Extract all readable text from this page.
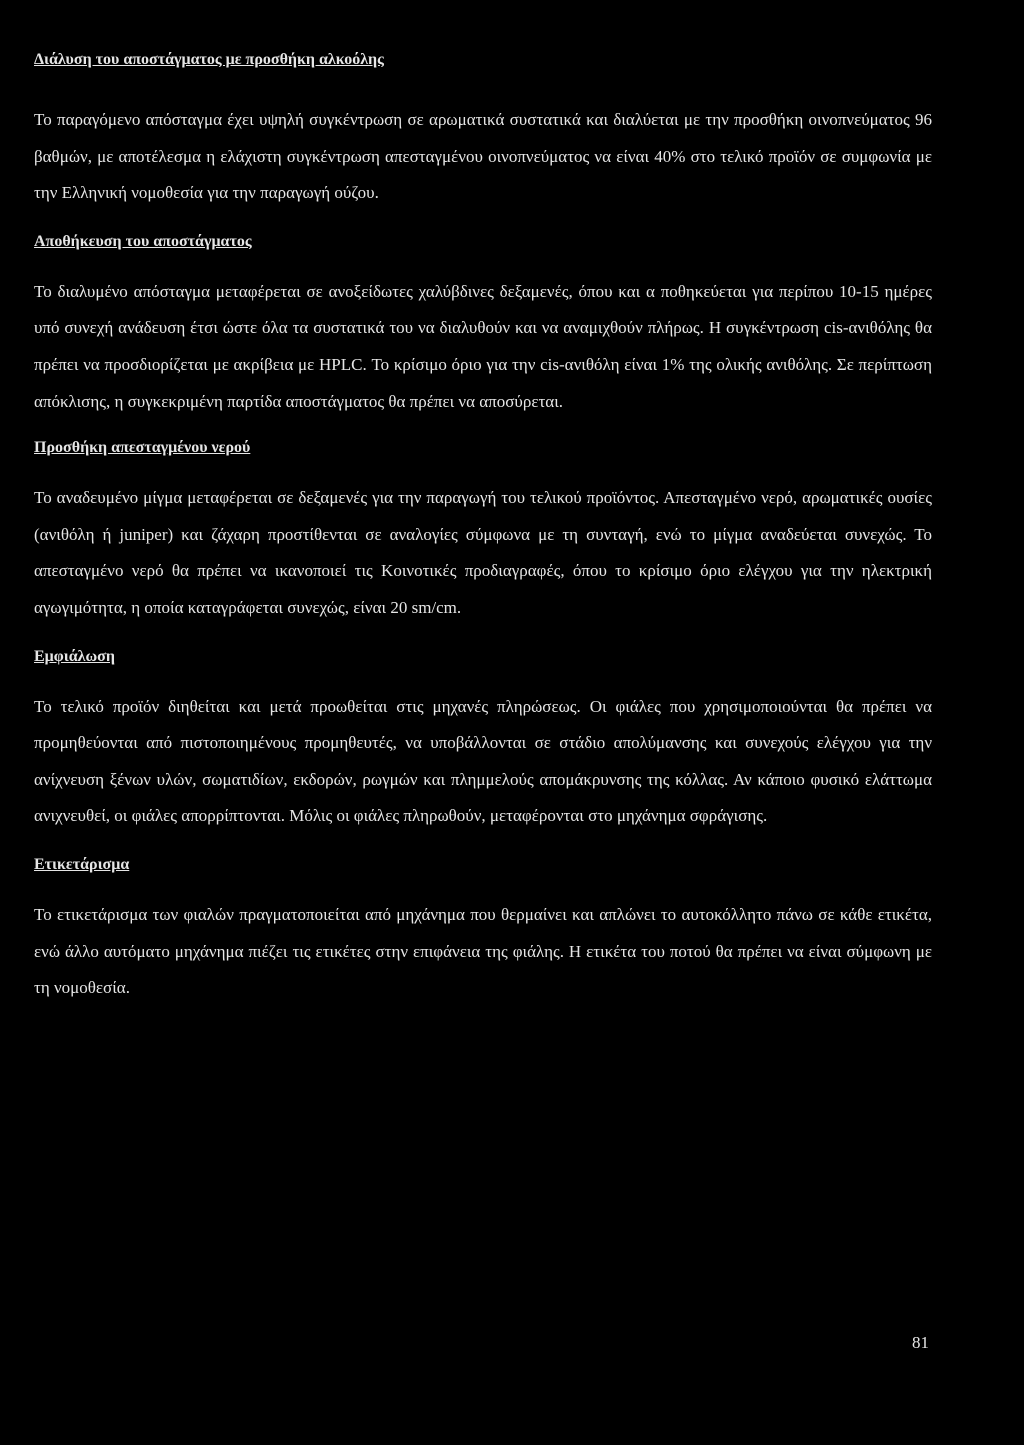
Διάλυση του αποστάγματος με προσθήκη αλκοόλης

Το παραγόμενο απόσταγμα έχει υψηλή συγκέντρωση σε αρωματικά συστατικά και διαλύεται με την προσθήκη οινοπνεύματος 96 βαθμών, με αποτέλεσμα η ελάχιστη συγκέντρωση απεσταγμένου οινοπνεύματος να είναι 40% στο τελικό προϊόν σε συμφωνία με την Ελληνική νομοθεσία για την παραγωγή ούζου.

Αποθήκευση του αποστάγματος

Το διαλυμένο απόσταγμα μεταφέρεται σε ανοξείδωτες χαλύβδινες δεξαμενές, όπου και α ποθηκεύεται για περίπου 10-15 ημέρες υπό συνεχή ανάδευση έτσι ώστε όλα τα συστατικά του να διαλυθούν και να αναμιχθούν πλήρως. Η συγκέντρωση cis-ανιθόλης θα πρέπει να προσδιορίζεται με ακρίβεια με HPLC. Το κρίσιμο όριο για την cis-ανιθόλη είναι 1% της ολικής ανιθόλης. Σε περίπτωση απόκλισης, η συγκεκριμένη παρτίδα αποστάγματος θα πρέπει να αποσύρεται.

Προσθήκη απεσταγμένου νερού

Το αναδευμένο μίγμα μεταφέρεται σε δεξαμενές για την παραγωγή του τελικού προϊόντος. Απεσταγμένο νερό, αρωματικές ουσίες (ανιθόλη ή juniper) και ζάχαρη προστίθενται σε αναλογίες σύμφωνα με τη συνταγή, ενώ το μίγμα αναδεύεται συνεχώς. Το απεσταγμένο νερό θα πρέπει να ικανοποιεί τις Κοινοτικές προδιαγραφές, όπου το κρίσιμο όριο ελέγχου για την ηλεκτρική αγωγιμότητα, η οποία καταγράφεται συνεχώς, είναι 20 sm/cm.

Εμφιάλωση

Το τελικό προϊόν διηθείται και μετά προωθείται στις μηχανές πληρώσεως. Οι φιάλες που χρησιμοποιούνται θα πρέπει να προμηθεύονται από πιστοποιημένους προμηθευτές, να υποβάλλονται σε στάδιο απολύμανσης και συνεχούς ελέγχου για την ανίχνευση ξένων υλών, σωματιδίων, εκδορών, ρωγμών και πλημμελούς απομάκρυνσης της κόλλας. Αν κάποιο φυσικό ελάττωμα ανιχνευθεί, οι φιάλες απορρίπτονται. Μόλις οι φιάλες πληρωθούν, μεταφέρονται στο μηχάνημα σφράγισης.

Ετικετάρισμα

Το ετικετάρισμα των φιαλών πραγματοποιείται από μηχάνημα που θερμαίνει και απλώνει το αυτοκόλλητο πάνω σε κάθε ετικέτα, ενώ άλλο αυτόματο μηχάνημα πιέζει τις ετικέτες στην επιφάνεια της φιάλης. Η ετικέτα του ποτού θα πρέπει να είναι σύμφωνη με τη νομοθεσία.

81
